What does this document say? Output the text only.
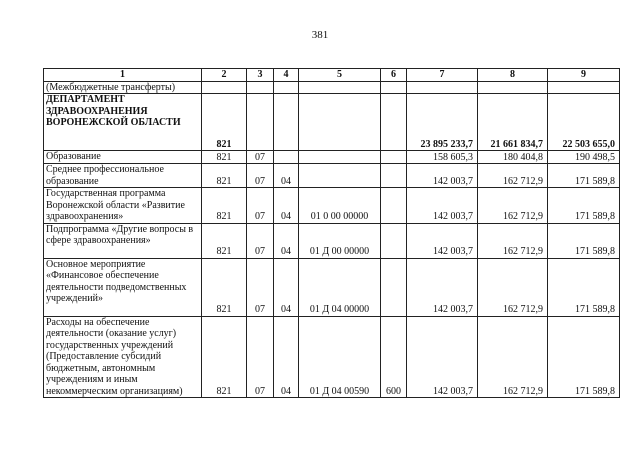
381
1	2	3	4	5	6	7	8	9
(Межбюджетные трансферты)								
ДЕПАРТАМЕНТ ЗДРАВООХРАНЕНИЯ ВОРОНЕЖСКОЙ ОБЛАСТИ	821					23 895 233,7	21 661 834,7	22 503 655,0
Образование	821	07				158 605,3	180 404,8	190 498,5
Среднее профессиональное образование	821	07	04			142 003,7	162 712,9	171 589,8
Государственная программа Воронежской области «Развитие здравоохранения»	821	07	04	01 0 00 00000		142 003,7	162 712,9	171 589,8
Подпрограмма «Другие вопросы в сфере здравоохранения»	821	07	04	01 Д 00 00000		142 003,7	162 712,9	171 589,8
Основное мероприятие «Финансовое обеспечение деятельности подведомственных учреждений»	821	07	04	01 Д 04 00000		142 003,7	162 712,9	171 589,8
Расходы на обеспечение деятельности (оказание услуг) государственных учреждений (Предоставление субсидий бюджетным, автономным учреждениям и иным некоммерческим организациям)	821	07	04	01 Д 04 00590	600	142 003,7	162 712,9	171 589,8
